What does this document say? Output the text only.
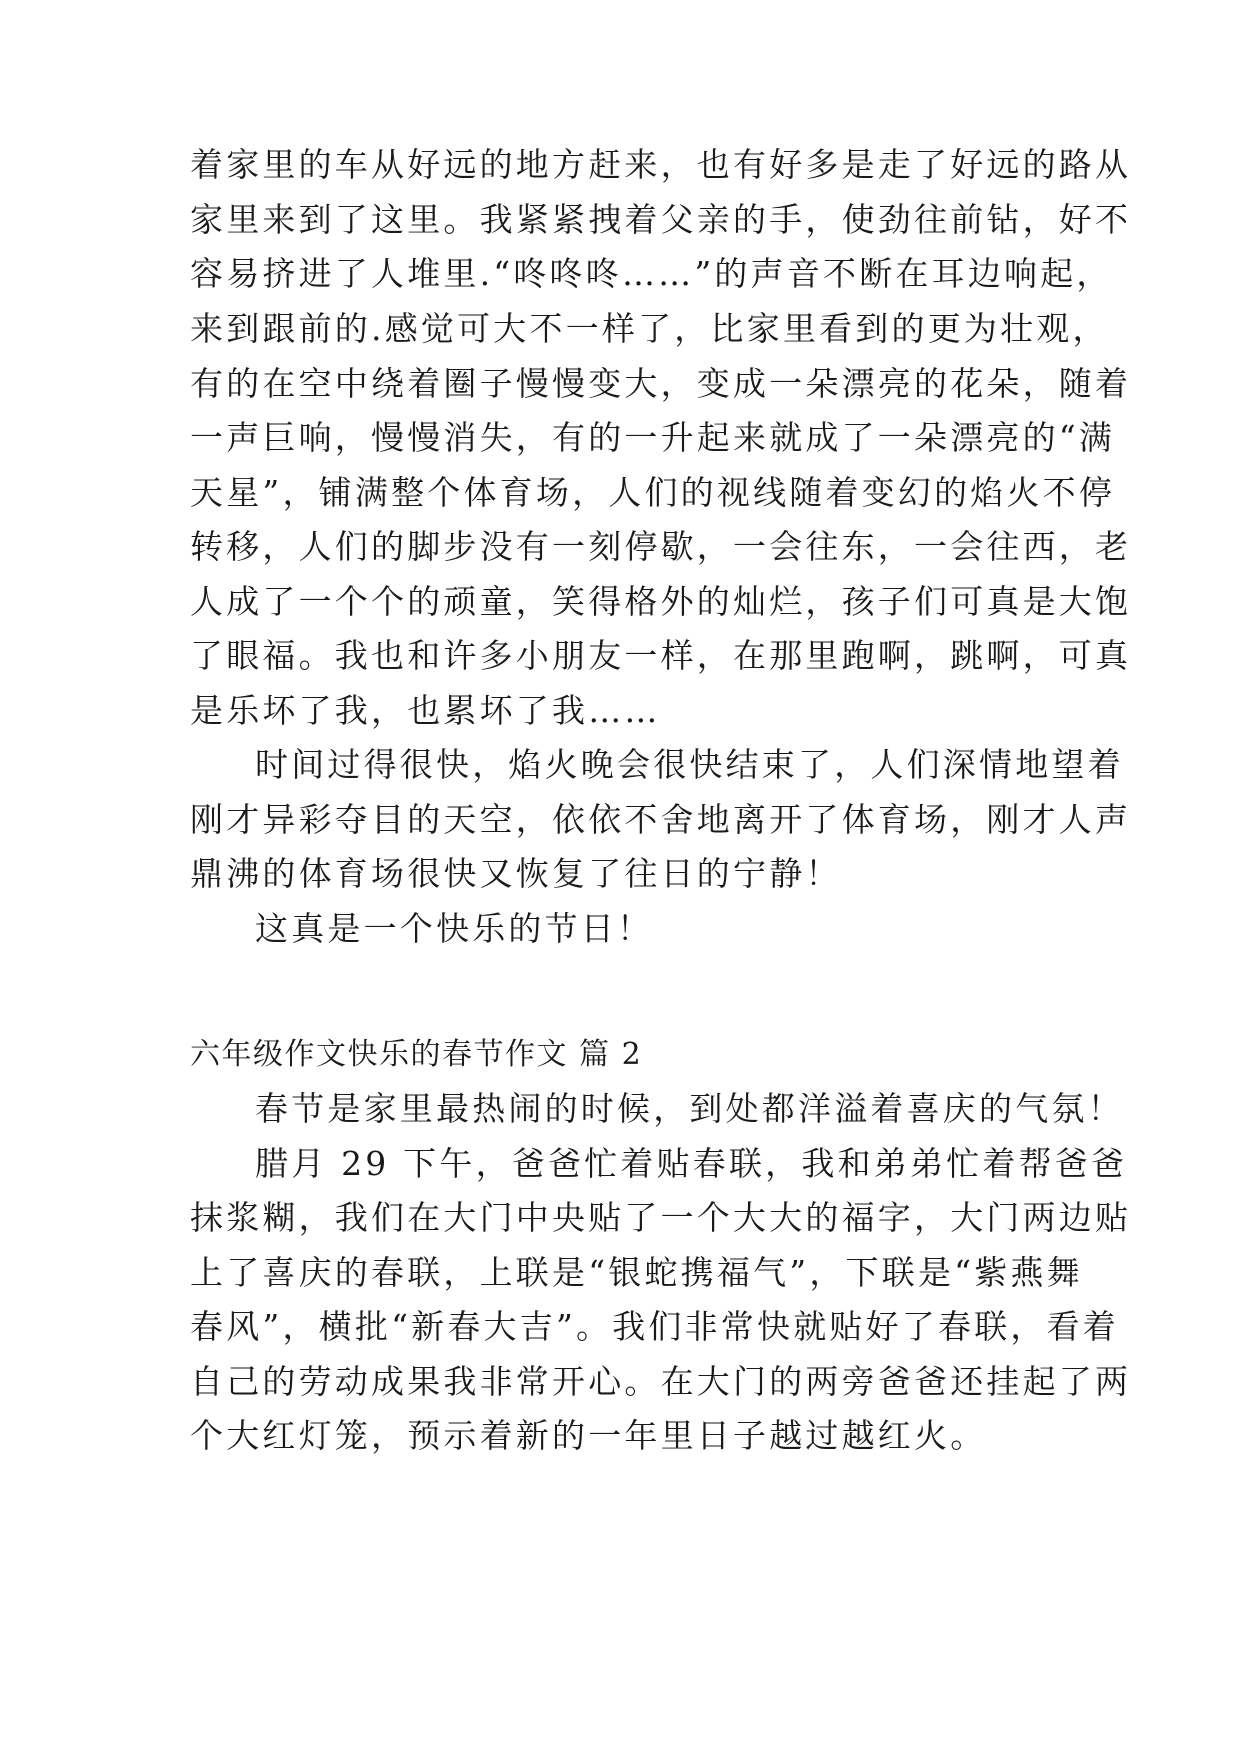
着家里的车从好远的地方赶来，也有好多是走了好远的路从
家里来到了这里。我紧紧拽着父亲的手，使劲往前钻，好不
容易挤进了人堆里.“咚咚咚……”的声音不断在耳边响起，
来到跟前的.感觉可大不一样了，比家里看到的更为壮观，
有的在空中绕着圈子慢慢变大，变成一朵漂亮的花朵，随着
一声巨响，慢慢消失，有的一升起来就成了一朵漂亮的“满
天星”，铺满整个体育场，人们的视线随着变幻的焰火不停
转移，人们的脚步没有一刻停歇，一会往东，一会往西，老
人成了一个个的顽童，笑得格外的灿烂，孩子们可真是大饱
了眼福。我也和许多小朋友一样，在那里跑啊，跳啊，可真
是乐坏了我，也累坏了我……
时间过得很快，焰火晚会很快结束了，人们深情地望着
刚才异彩夺目的天空，依依不舍地离开了体育场，刚才人声
鼎沸的体育场很快又恢复了往日的宁静！
这真是一个快乐的节日！
六年级作文快乐的春节作文 篇 2
春节是家里最热闹的时候，到处都洋溢着喜庆的气氛！
腊月 29 下午，爸爸忙着贴春联，我和弟弟忙着帮爸爸
抹浆糊，我们在大门中央贴了一个大大的福字，大门两边贴
上了喜庆的春联，上联是“银蛇携福气”，下联是“紫燕舞
春风”，横批“新春大吉”。我们非常快就贴好了春联，看着
自己的劳动成果我非常开心。在大门的两旁爸爸还挂起了两
个大红灯笼，预示着新的一年里日子越过越红火。
